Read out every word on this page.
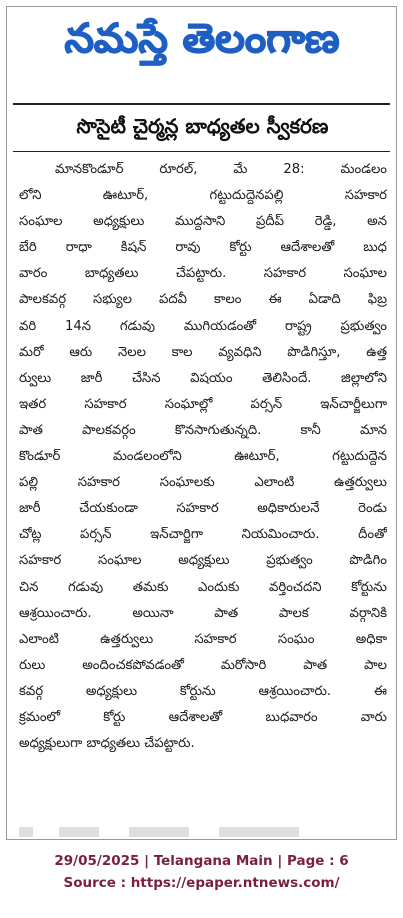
నమస్తే తెలంగాణ
సొసైటీ చైర్మన్ల బాధ్యతల స్వీకరణ
మానకొండూర్ రూరల్, మే 28: మండలం
లోని ఊటూర్, గట్టుదుద్దెనపల్లి సహకార
సంఘాల అధ్యక్షులు ముద్దసాని ప్రదీప్ రెడ్డి, అన
బేరి రాధా కిషన్ రావు కోర్టు ఆదేశాలతో బుధ
వారం బాధ్యతలు చేపట్టారు. సహకార సంఘాల
పాలకవర్గ సభ్యుల పదవీ కాలం ఈ ఏడాది ఫిబ్ర
వరి 14న గడువు ముగియడంతో రాష్ట్ర ప్రభుత్వం
మరో ఆరు నెలల కాల వ్యవధిని పొడిగిస్తూ, ఉత్త
ర్వులు జారీ చేసిన విషయం తెలిసిందే. జిల్లాలోని
ఇతర సహకార సంఘాల్లో పర్సన్ ఇన్‌చార్జీలుగా
పాత పాలకవర్గం కొనసాగుతున్నది. కానీ మాన
కొండూర్ మండలంలోని ఊటూర్, గట్టుదుద్దెన
పల్లి సహకార సంఘాలకు ఎలాంటి ఉత్తర్వులు
జారీ చేయకుండా సహకార అధికారులనే రెండు
చోట్ల పర్సన్ ఇన్‌చార్జిగా నియమించారు. దీంతో
సహకార సంఘాల అధ్యక్షులు ప్రభుత్వం పొడిగిం
చిన గడువు తమకు ఎందుకు వర్తించదని కోర్టును
ఆశ్రయించారు. అయినా పాత పాలక వర్గానికి
ఎలాంటి ఉత్తర్వులు సహకార సంఘం అధికా
రులు అందించకపోవడంతో మరోసారి పాత పాల
కవర్గ అధ్యక్షులు కోర్టును ఆశ్రయించారు. ఈ
క్రమంలో కోర్టు ఆదేశాలతో బుధవారం వారు
అధ్యక్షులుగా బాధ్యతలు చేపట్టారు.
29/05/2025 | Telangana Main | Page : 6
Source : https://epaper.ntnews.com/
